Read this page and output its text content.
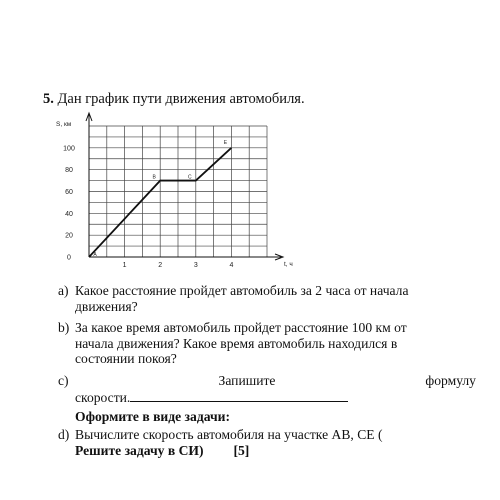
5. Дан график пути движения автомобиля.
S, км
t, ч
1	2	3	4
0
20
40
60
80
100
A
B	C
E
a) Какое расстояние пройдет автомобиль за 2 часа от начала
движения?
b) За какое время автомобиль пройдет расстояние 100 км от
начала движения? Какое время автомобиль находился в
состоянии покоя?
c)	Запишите	формулу
скорости.
Оформите в виде задачи:
d) Вычислите скорость автомобиля на участке AB, CE (
Решите задачу в СИ) [5]
